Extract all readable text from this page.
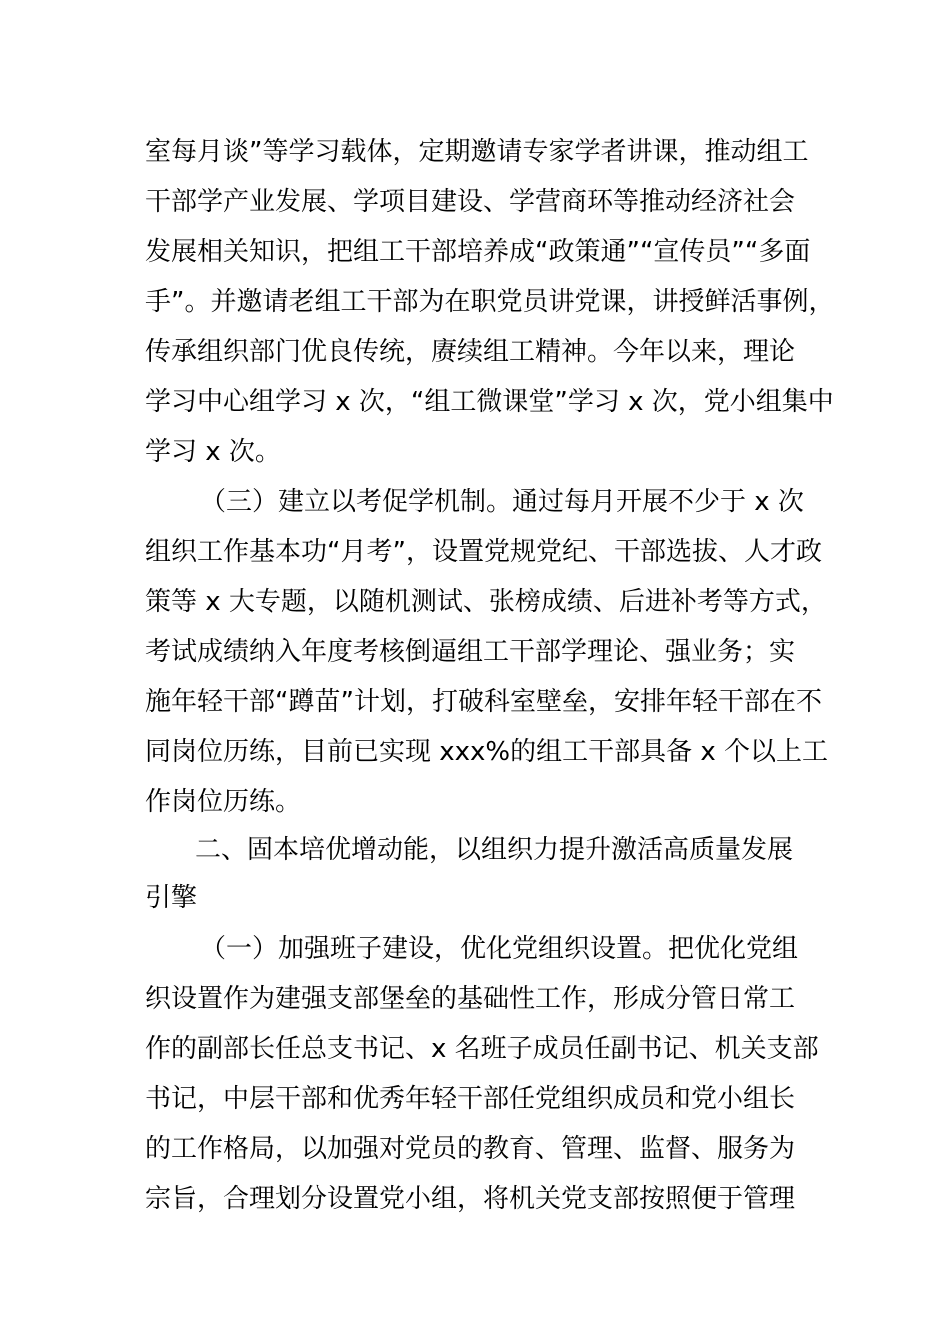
室每月谈”等学习载体，定期邀请专家学者讲课，推动组工
干部学产业发展、学项目建设、学营商环等推动经济社会
发展相关知识，把组工干部培养成“政策通”“宣传员”“多面
手”。并邀请老组工干部为在职党员讲党课，讲授鲜活事例，
传承组织部门优良传统，赓续组工精神。今年以来，理论
学习中心组学习 x 次，“组工微课堂”学习 x 次，党小组集中
学习 x 次。
（三）建立以考促学机制。通过每月开展不少于 x 次
组织工作基本功“月考”，设置党规党纪、干部选拔、人才政
策等 x 大专题，以随机测试、张榜成绩、后进补考等方式，
考试成绩纳入年度考核倒逼组工干部学理论、强业务；实
施年轻干部“蹲苗”计划，打破科室壁垒，安排年轻干部在不
同岗位历练，目前已实现 xxx%的组工干部具备 x 个以上工
作岗位历练。
二、固本培优增动能，以组织力提升激活高质量发展
引擎
（一）加强班子建设，优化党组织设置。把优化党组
织设置作为建强支部堡垒的基础性工作，形成分管日常工
作的副部长任总支书记、x 名班子成员任副书记、机关支部
书记，中层干部和优秀年轻干部任党组织成员和党小组长
的工作格局，以加强对党员的教育、管理、监督、服务为
宗旨，合理划分设置党小组，将机关党支部按照便于管理
